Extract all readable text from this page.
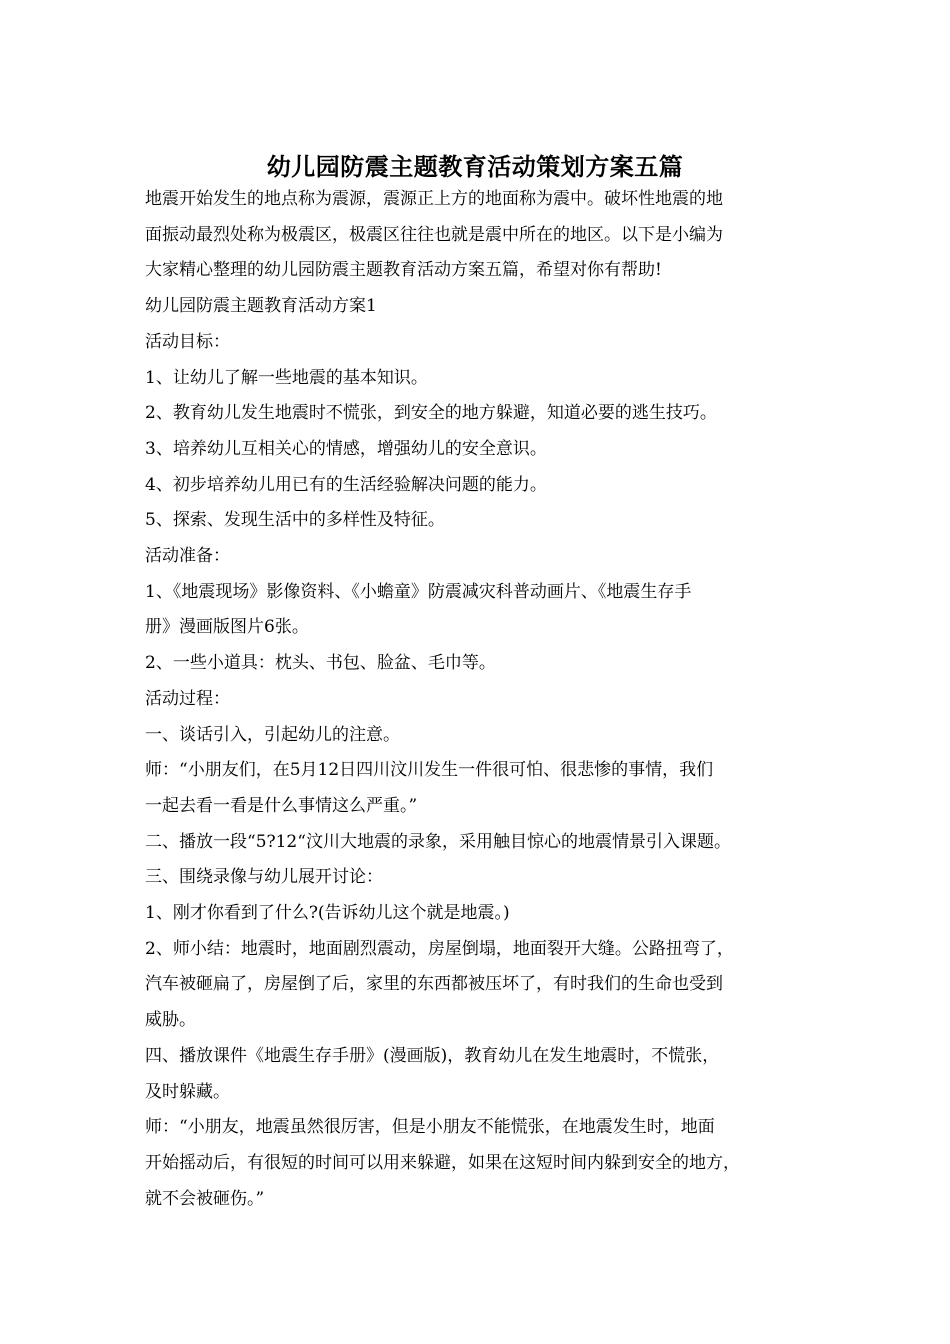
幼儿园防震主题教育活动策划方案五篇

地震开始发生的地点称为震源，震源正上方的地面称为震中。破坏性地震的地
面振动最烈处称为极震区，极震区往往也就是震中所在的地区。以下是小编为
大家精心整理的幼儿园防震主题教育活动方案五篇，希望对你有帮助!

幼儿园防震主题教育活动方案1

活动目标：

1、让幼儿了解一些地震的基本知识。

2、教育幼儿发生地震时不慌张，到安全的地方躲避，知道必要的逃生技巧。

3、培养幼儿互相关心的情感，增强幼儿的安全意识。

4、初步培养幼儿用已有的生活经验解决问题的能力。

5、探索、发现生活中的多样性及特征。

活动准备：

1、《地震现场》影像资料、《小蟾童》防震减灾科普动画片、《地震生存手
册》漫画版图片6张。

2、一些小道具：枕头、书包、脸盆、毛巾等。

活动过程：

一、谈话引入，引起幼儿的注意。

师：“小朋友们，在5月12日四川汶川发生一件很可怕、很悲惨的事情，我们
一起去看一看是什么事情这么严重。”

二、播放一段“5?12“汶川大地震的录象，采用触目惊心的地震情景引入课题。

三、围绕录像与幼儿展开讨论：

1、刚才你看到了什么?(告诉幼儿这个就是地震。)

2、师小结：地震时，地面剧烈震动，房屋倒塌，地面裂开大缝。公路扭弯了，
汽车被砸扁了，房屋倒了后，家里的东西都被压坏了，有时我们的生命也受到
威胁。

四、播放课件《地震生存手册》(漫画版)，教育幼儿在发生地震时，不慌张，
及时躲藏。

师：“小朋友，地震虽然很厉害，但是小朋友不能慌张，在地震发生时，地面
开始摇动后，有很短的时间可以用来躲避，如果在这短时间内躲到安全的地方，
就不会被砸伤。”
